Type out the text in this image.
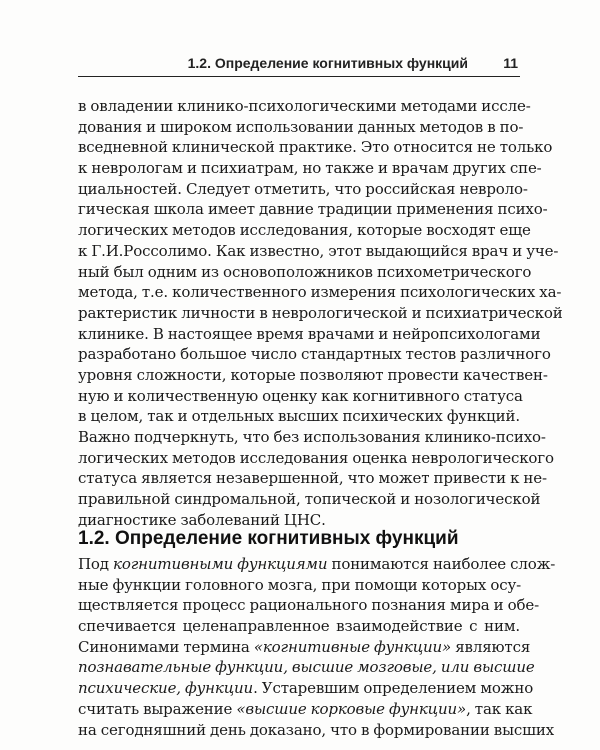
1.2. Определение когнитивных функций	11
в овладении клинико-психологическими методами иссле-
дования и широком использовании данных методов в по-
вседневной клинической практике. Это относится не только
к неврологам и психиатрам, но также и врачам других спе-
циальностей. Следует отметить, что российская невроло-
гическая школа имеет давние традиции применения психо-
логических методов исследования, которые восходят еще
к Г.И.Россолимо. Как известно, этот выдающийся врач и уче-
ный был одним из основоположников психометрического
метода, т.е. количественного измерения психологических ха-
рактеристик личности в неврологической и психиатрической
клинике. В настоящее время врачами и нейропсихологами
разработано большое число стандартных тестов различного
уровня сложности, которые позволяют провести качествен-
ную и количественную оценку как когнитивного статуса
в целом, так и отдельных высших психических функций.
Важно подчеркнуть, что без использования клинико-психо-
логических методов исследования оценка неврологического
статуса является незавершенной, что может привести к не-
правильной синдромальной, топической и нозологической
диагностике заболеваний ЦНС.
1.2. Определение когнитивных функций
Под когнитивными функциями понимаются наиболее слож-
ные функции головного мозга, при помощи которых осу-
ществляется процесс рационального познания мира и обе-
спечивается целенаправленное взаимодействие с ним.
Синонимами термина «когнитивные функции» являются
познавательные функции, высшие мозговые, или высшие
психические, функции. Устаревшим определением можно
считать выражение «высшие корковые функции», так как
на сегодняшний день доказано, что в формировании высших
